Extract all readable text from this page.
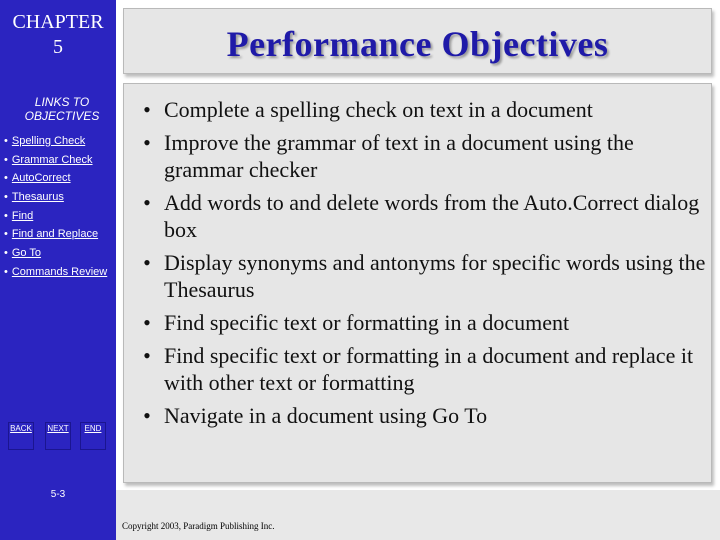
CHAPTER
5
LINKS TO
OBJECTIVES
• Spelling Check
• Grammar Check
• AutoCorrect
• Thesaurus
• Find
• Find and Replace
• Go To
• Commands Review
BACK NEXT	END
5-3
Performance Objectives
• Complete a spelling check on text in a document
• Improve the grammar of text in a document using the grammar checker
• Add words to and delete words from the Auto.Correct dialog box
• Display synonyms and antonyms for specific words using the Thesaurus
• Find specific text or formatting in a document
• Find specific text or formatting in a document and replace it with other text or formatting
• Navigate in a document using Go To
Copyright 2003, Paradigm Publishing Inc.
